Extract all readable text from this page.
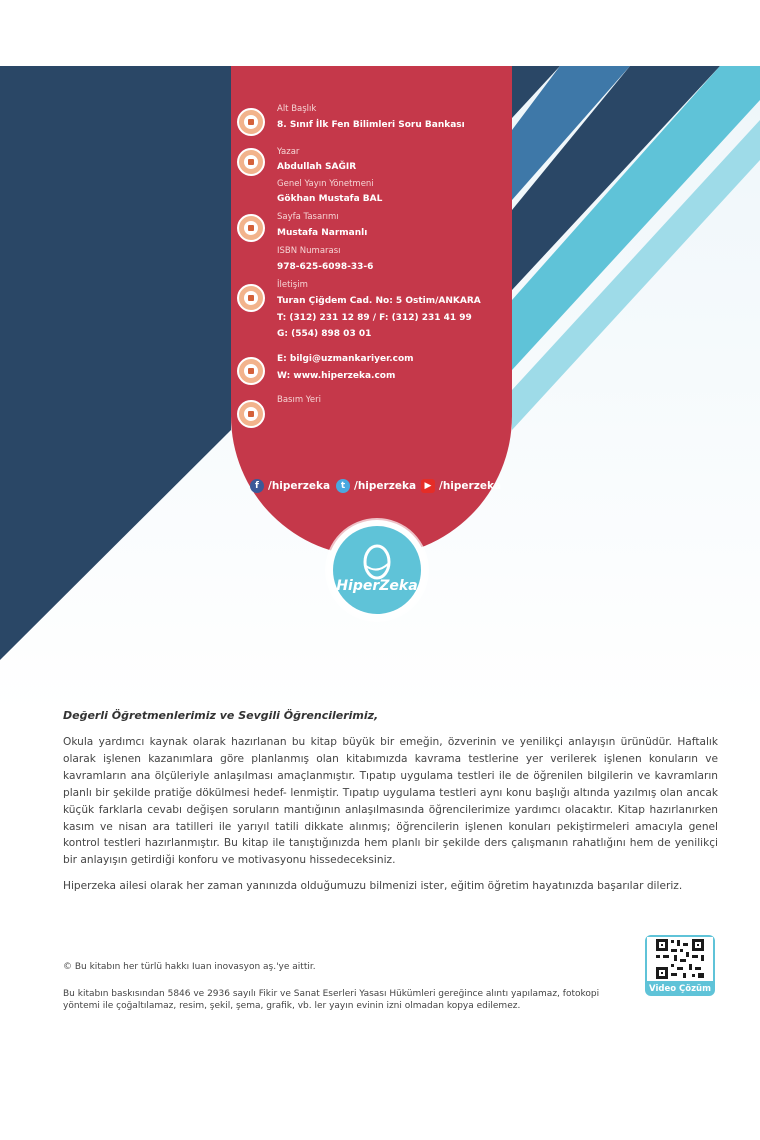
Alt Başlık
8. Sınıf İlk Fen Bilimleri Soru Bankası
Yazar
Abdullah SAĞIR
Genel Yayın Yönetmeni
Gökhan Mustafa BAL
Sayfa Tasarımı
Mustafa Narmanlı
ISBN Numarası
978-625-6098-33-6
İletişim
Turan Çiğdem Cad. No: 5 Ostim/ANKARA
T: (312) 231 12 89 / F: (312) 231 41 99
G: (554) 898 03 01
E: bilgi@uzmankariyer.com
W: www.hiperzeka.com
Basım Yeri
f /hiperzeka	t /hiperzeka ▶ /hiperzeka
HiperZeka
Değerli Öğretmenlerimiz ve Sevgili Öğrencilerimiz,

Okula yardımcı kaynak olarak hazırlanan bu kitap büyük bir emeğin, özverinin ve yenilikçi anlayışın ürünüdür. Haftalık olarak işlenen kazanımlara göre planlanmış olan kitabımızda kavrama testlerine yer verilerek işlenen konuların ve kavramların ana ölçüleriyle anlaşılması amaçlanmıştır. Tıpatıp uygulama testleri ile de öğrenilen bilgilerin ve kavramların planlı bir şekilde pratiğe dökülmesi hedef- lenmiştir. Tıpatıp uygulama testleri aynı konu başlığı altında yazılmış olan ancak küçük farklarla cevabı değişen soruların mantığının anlaşılmasında öğrencilerimize yardımcı olacaktır. Kitap hazırlanırken kasım ve nisan ara tatilleri ile yarıyıl tatili dikkate alınmış; öğrencilerin işlenen konuları pekiştirmeleri amacıyla genel kontrol testleri hazırlanmıştır. Bu kitap ile tanıştığınızda hem planlı bir şekilde ders çalışmanın rahatlığını hem de yenilikçi bir anlayışın getirdiği konforu ve motivasyonu hissedeceksiniz.

Hiperzeka ailesi olarak her zaman yanınızda olduğumuzu bilmenizi ister, eğitim öğretim hayatınızda başarılar dileriz.

© Bu kitabın her türlü hakkı Iuan inovasyon aş.'ye aittir.

Bu kitabın baskısından 5846 ve 2936 sayılı Fikir ve Sanat Eserleri Yasası Hükümleri gereğince alıntı yapılamaz, fotokopi yöntemi ile çoğaltılamaz, resim, şekil, şema, grafik, vb. ler yayın evinin izni olmadan kopya edilemez.

Video Çözüm
